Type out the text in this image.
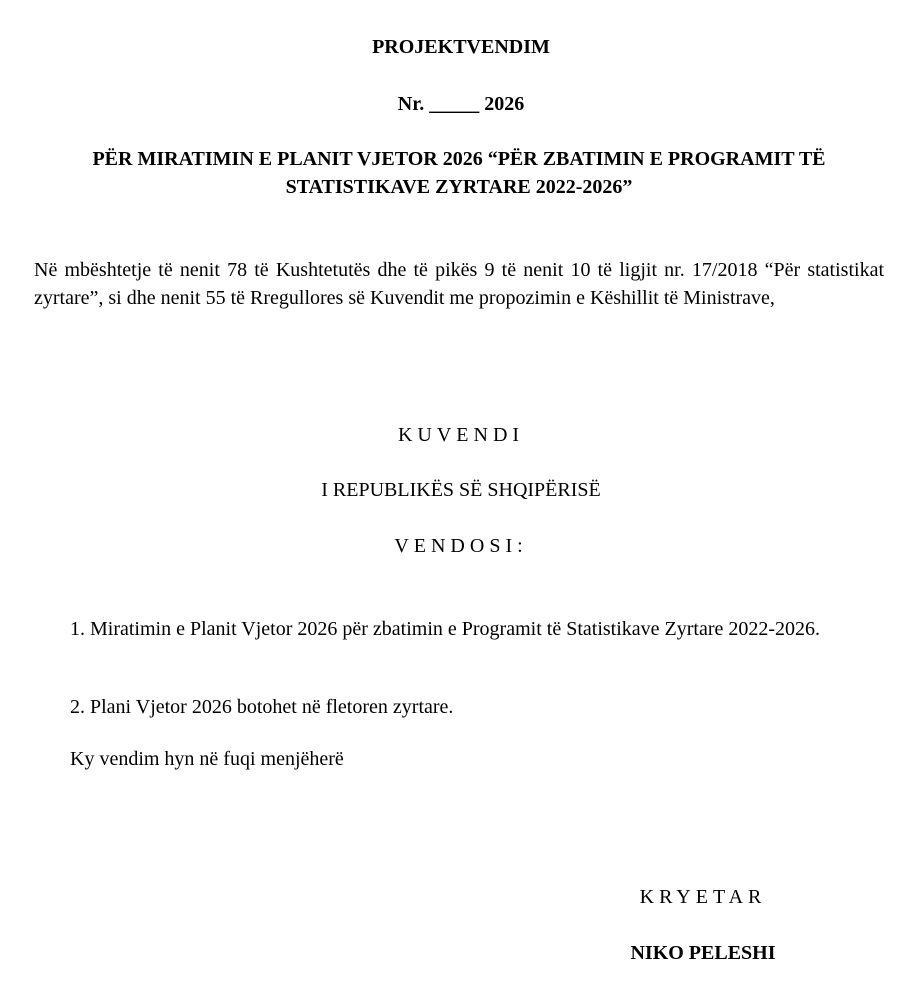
PROJEKTVENDIM
Nr. _____ 2026
PËR MIRATIMIN E PLANIT VJETOR 2026 “PËR ZBATIMIN E PROGRAMIT TË STATISTIKAVE ZYRTARE 2022-2026”
Në mbështetje të nenit 78 të Kushtetutës dhe të pikës 9 të nenit 10 të ligjit nr. 17/2018 “Për statistikat zyrtare”, si dhe nenit 55 të Rregullores së Kuvendit me propozimin e Këshillit të Ministrave,
KUVENDI
I REPUBLIKËS SË SHQIPËRISË
VENDOSI:
1. Miratimin e Planit Vjetor 2026 për zbatimin e Programit të Statistikave Zyrtare 2022-2026.
2. Plani Vjetor 2026 botohet në fletoren zyrtare.
Ky vendim hyn në fuqi menjëherë
KRYETAR
NIKO PELESHI
